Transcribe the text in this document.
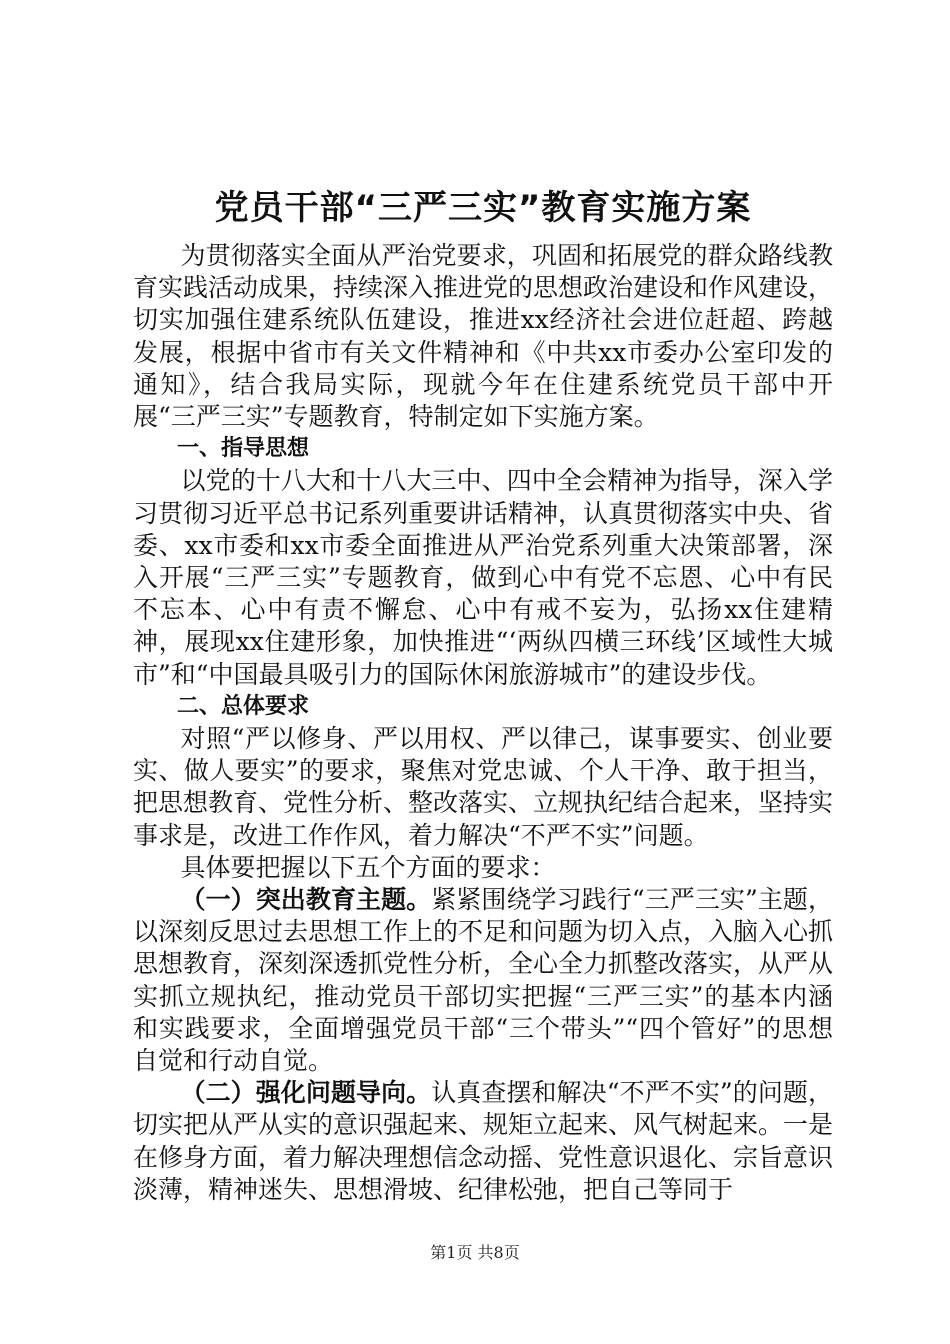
党员干部“三严三实”教育实施方案

为贯彻落实全面从严治党要求，巩固和拓展党的群众路线教育实践活动成果，持续深入推进党的思想政治建设和作风建设，切实加强住建系统队伍建设，推进xx经济社会进位赶超、跨越发展，根据中省市有关文件精神和《中共xx市委办公室印发的通知》，结合我局实际，现就今年在住建系统党员干部中开展“三严三实”专题教育，特制定如下实施方案。

一、指导思想

以党的十八大和十八大三中、四中全会精神为指导，深入学习贯彻习近平总书记系列重要讲话精神，认真贯彻落实中央、省委、xx市委和xx市委全面推进从严治党系列重大决策部署，深入开展“三严三实”专题教育，做到心中有党不忘恩、心中有民不忘本、心中有责不懈怠、心中有戒不妄为，弘扬xx住建精神，展现xx住建形象，加快推进“‘两纵四横三环线’区域性大城市”和“中国最具吸引力的国际休闲旅游城市”的建设步伐。

二、总体要求

对照“严以修身、严以用权、严以律己，谋事要实、创业要实、做人要实”的要求，聚焦对党忠诚、个人干净、敢于担当，把思想教育、党性分析、整改落实、立规执纪结合起来，坚持实事求是，改进工作作风，着力解决“不严不实”问题。

具体要把握以下五个方面的要求：

（一）突出教育主题。紧紧围绕学习践行“三严三实”主题，以深刻反思过去思想工作上的不足和问题为切入点，入脑入心抓思想教育，深刻深透抓党性分析，全心全力抓整改落实，从严从实抓立规执纪，推动党员干部切实把握“三严三实”的基本内涵和实践要求，全面增强党员干部“三个带头”“四个管好”的思想自觉和行动自觉。

（二）强化问题导向。认真查摆和解决“不严不实”的问题，切实把从严从实的意识强起来、规矩立起来、风气树起来。一是在修身方面，着力解决理想信念动摇、党性意识退化、宗旨意识淡薄，精神迷失、思想滑坡、纪律松弛，把自己等同于

第1页 共8页
